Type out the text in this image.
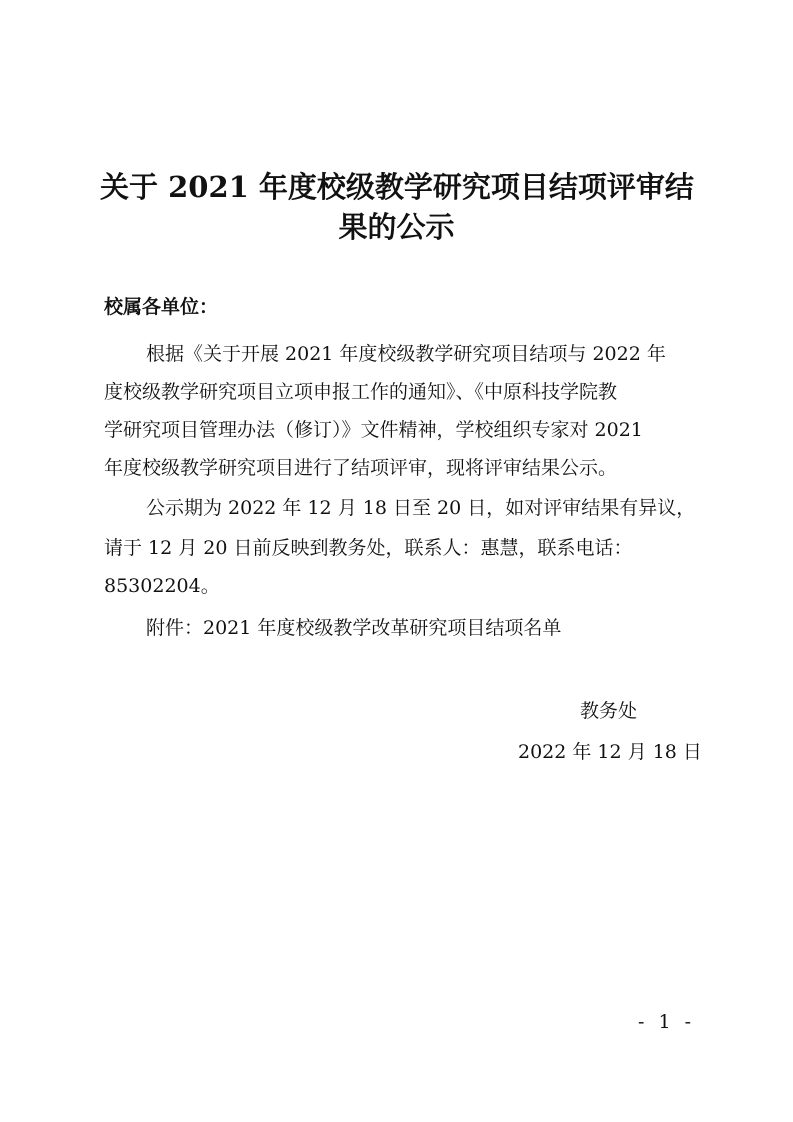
关于 2021 年度校级教学研究项目结项评审结
果的公示
校属各单位：
根据《关于开展 2021 年度校级教学研究项目结项与 2022 年
度校级教学研究项目立项申报工作的通知》、《中原科技学院教
学研究项目管理办法（修订）》文件精神，学校组织专家对 2021
年度校级教学研究项目进行了结项评审，现将评审结果公示。
公示期为 2022 年 12 月 18 日至 20 日，如对评审结果有异议，
请于 12 月 20 日前反映到教务处，联系人：惠慧，联系电话：
85302204。
附件：2021 年度校级教学改革研究项目结项名单
教务处
2022 年 12 月 18 日
- 1 -
